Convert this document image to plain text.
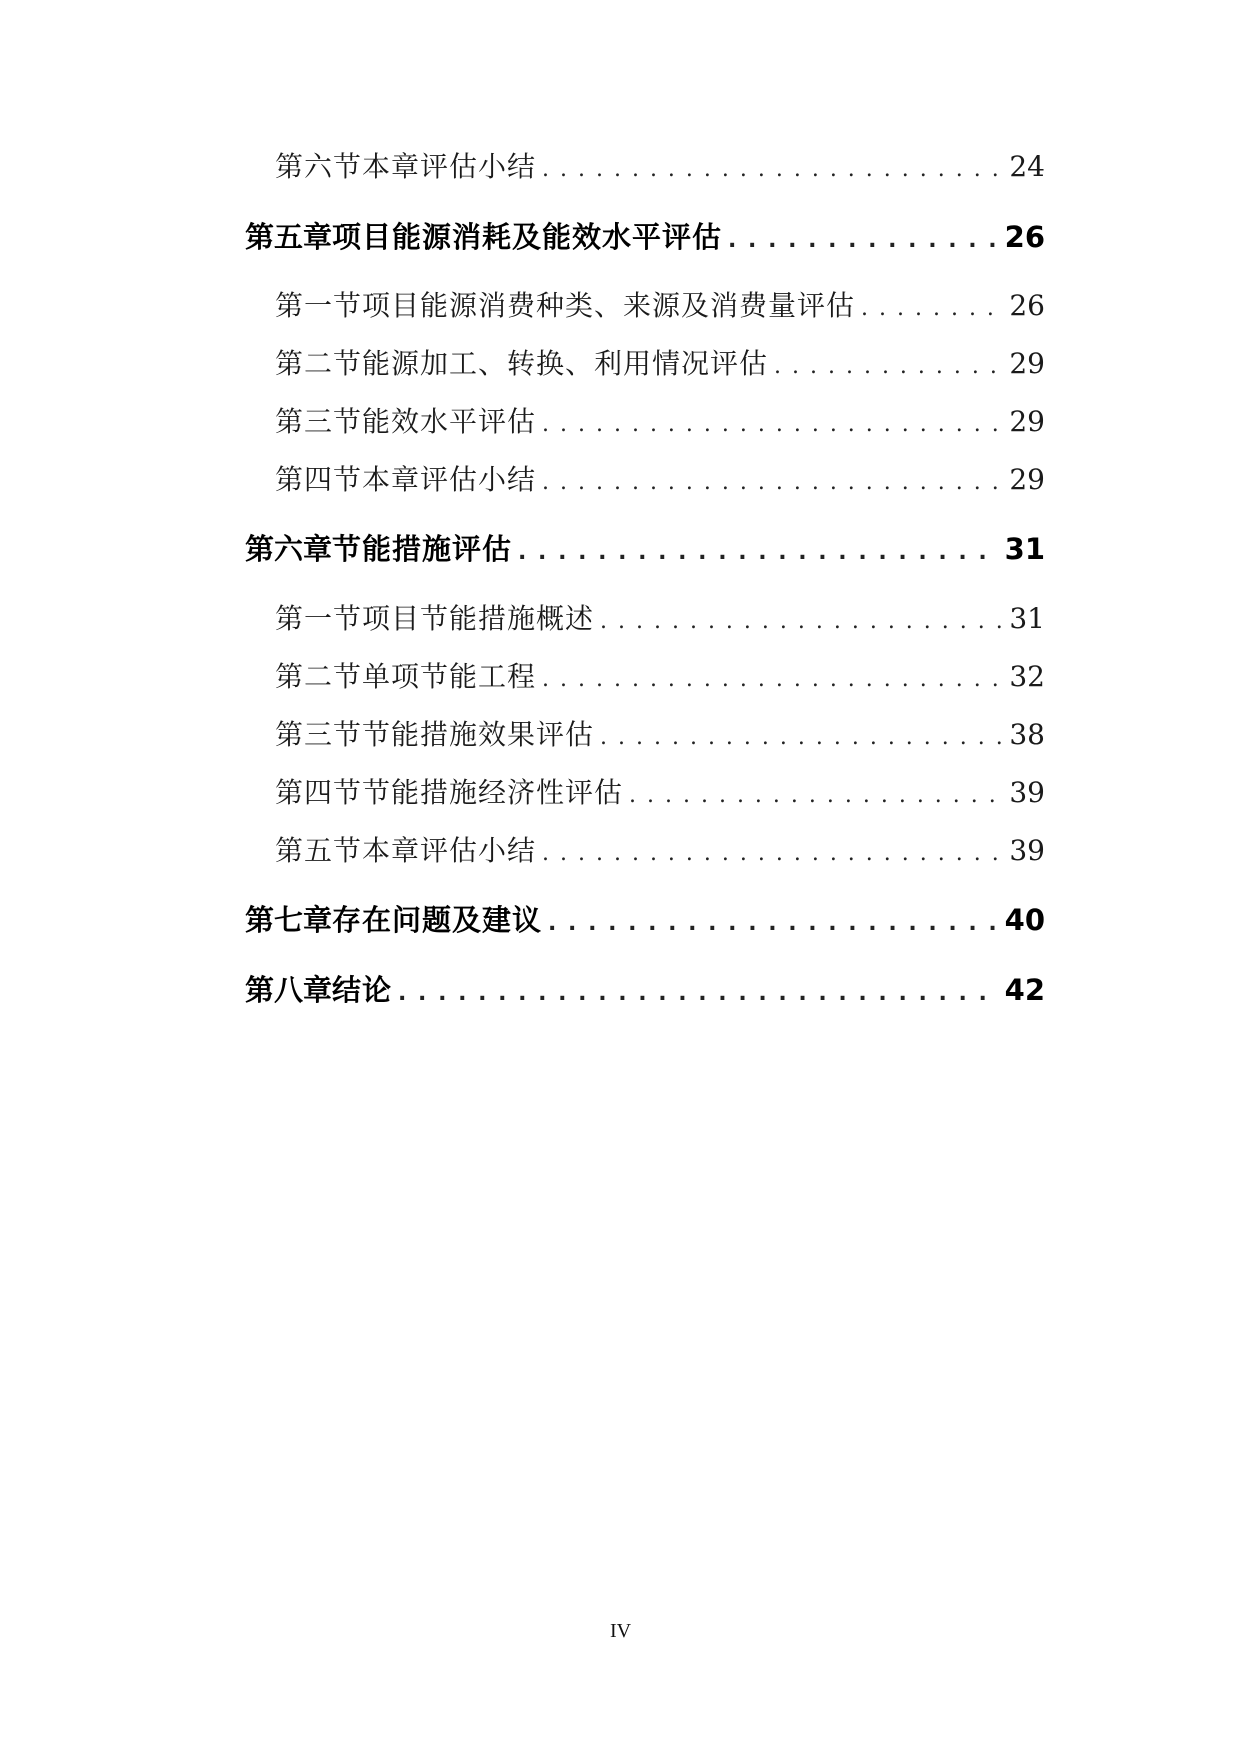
第六节 本章评估小结 . . .	24
第五章 项目能源消耗及能效水平评估 . . .	26
第一节 项目能源消费种类、来源及消费量评估 . . .	26
第二节 能源加工、转换、利用情况评估 . . .	29
第三节 能效水平评估 . . .	29
第四节 本章评估小结 . . .	29
第六章 节能措施评估 . . .	31
第一节 项目节能措施概述 . . .	31
第二节 单项节能工程 . . .	32
第三节 节能措施效果评估 . . .	38
第四节 节能措施经济性评估 . . .	39
第五节 本章评估小结 . . .	39
第七章 存在问题及建议 . . .	40
第八章 结论 . . .	42
IV
